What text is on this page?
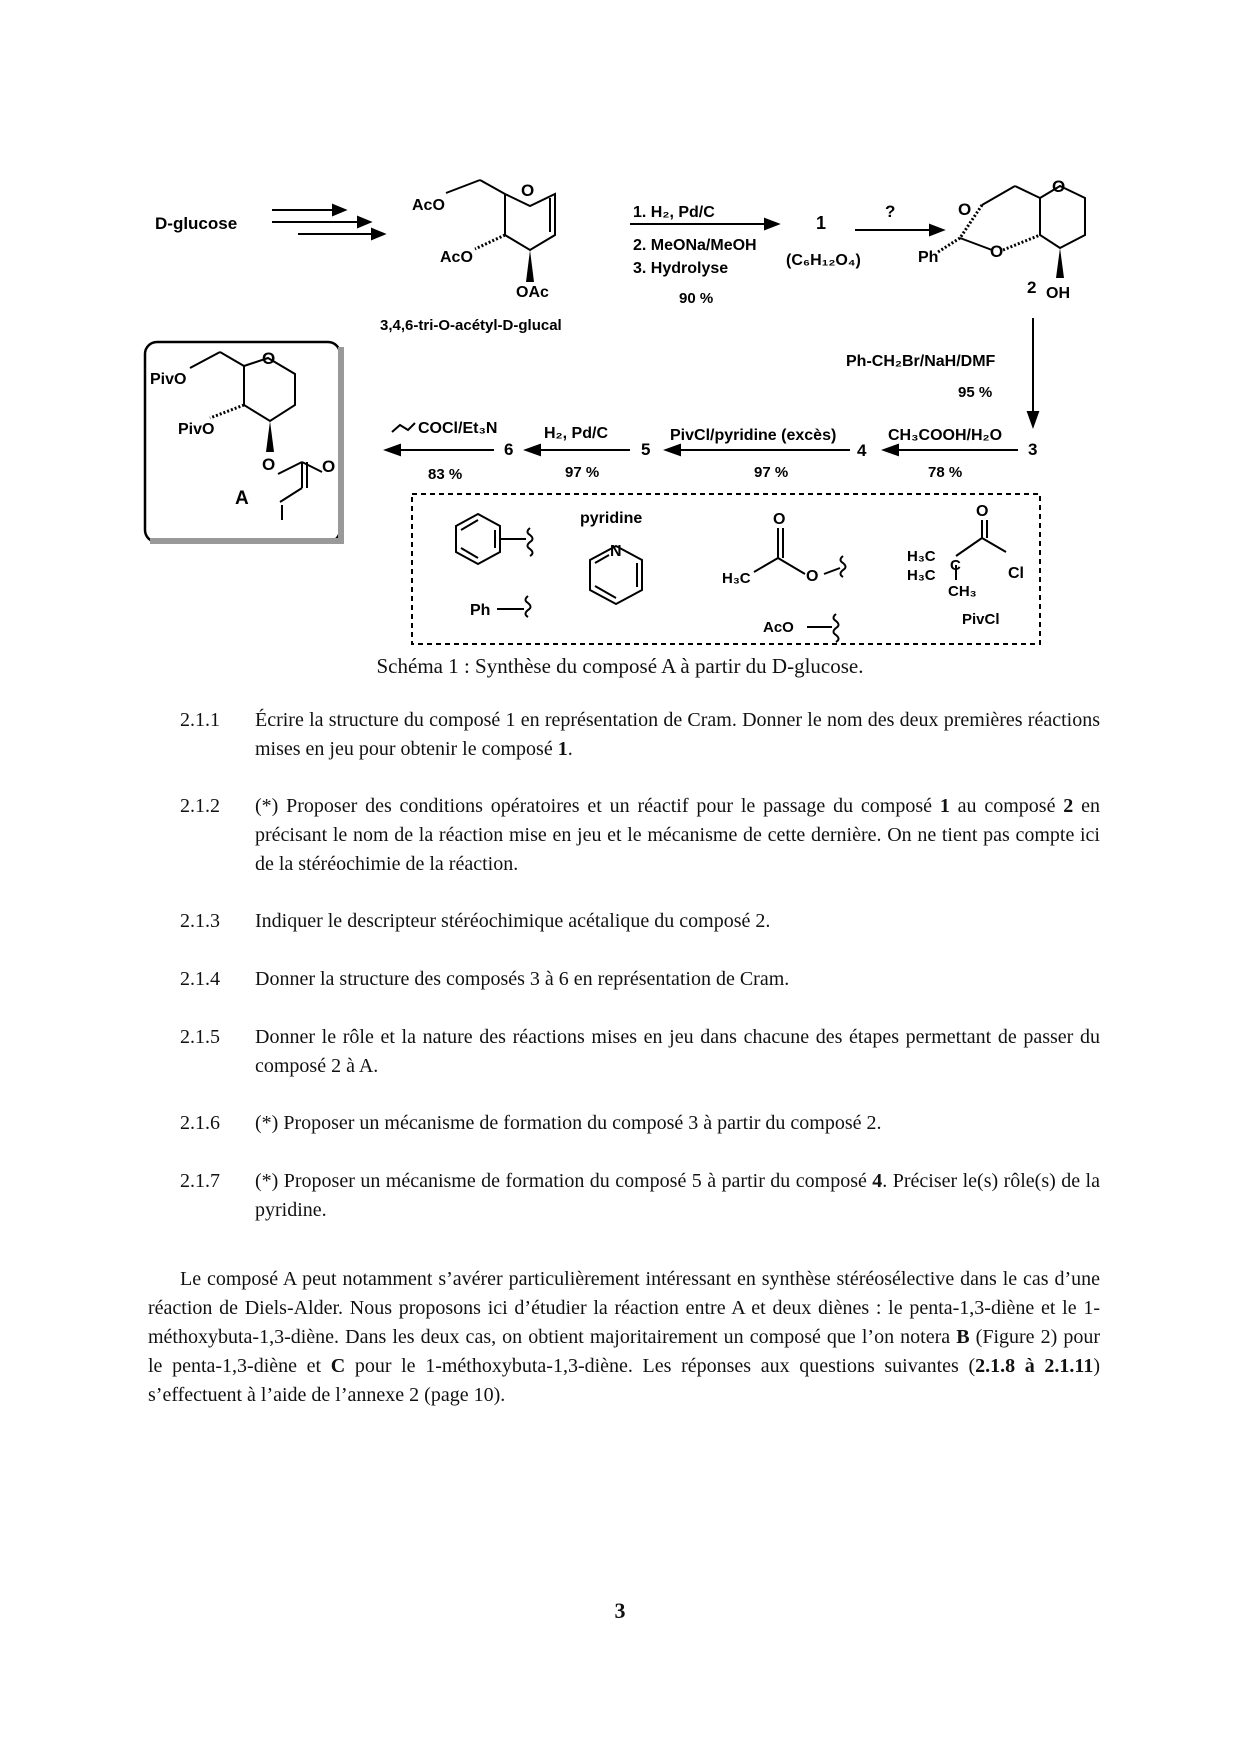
D-glucose
O
AcO
AcO
OAc
3,4,6-tri-O-acétyl-D-glucal
1. H₂, Pd/C
2. MeONa/MeOH
3. Hydrolyse
90 %
1
(C₆H₁₂O₄)
?
O
O
O
Ph
2 OH
Ph-CH₂Br/NaH/DMF
95 %
3
CH₃COOH/H₂O
78 %
4
PivCl/pyridine (excès)
97 %
5
H₂, Pd/C
97 %
6
COCl/Et₃N
83 %
O
PivO
PivO
O	O
A
Ph
pyridine
N
O
H₃C	O
AcO
O
H₃C
H₃C
C
CH₃
Cl
PivCl
Schéma 1 : Synthèse du composé A à partir du D-glucose.
2.1.1 Écrire la structure du composé 1 en représentation de Cram. Donner le nom des deux premières réactions mises en jeu pour obtenir le composé 1.
2.1.2 (*) Proposer des conditions opératoires et un réactif pour le passage du composé 1 au composé 2 en précisant le nom de la réaction mise en jeu et le mécanisme de cette dernière. On ne tient pas compte ici de la stéréochimie de la réaction.
2.1.3 Indiquer le descripteur stéréochimique acétalique du composé 2.
2.1.4 Donner la structure des composés 3 à 6 en représentation de Cram.
2.1.5 Donner le rôle et la nature des réactions mises en jeu dans chacune des étapes permettant de passer du composé 2 à A.
2.1.6 (*) Proposer un mécanisme de formation du composé 3 à partir du composé 2.
2.1.7 (*) Proposer un mécanisme de formation du composé 5 à partir du composé 4. Préciser le(s) rôle(s) de la pyridine.
Le composé A peut notamment s’avérer particulièrement intéressant en synthèse stéréosélective dans le cas d’une réaction de Diels-Alder. Nous proposons ici d’étudier la réaction entre A et deux diènes : le penta-1,3-diène et le 1-méthoxybuta-1,3-diène. Dans les deux cas, on obtient majoritairement un composé que l’on notera B (Figure 2) pour le penta-1,3-diène et C pour le 1-méthoxybuta-1,3-diène. Les réponses aux questions suivantes (2.1.8 à 2.1.11) s’effectuent à l’aide de l’annexe 2 (page 10).
3
